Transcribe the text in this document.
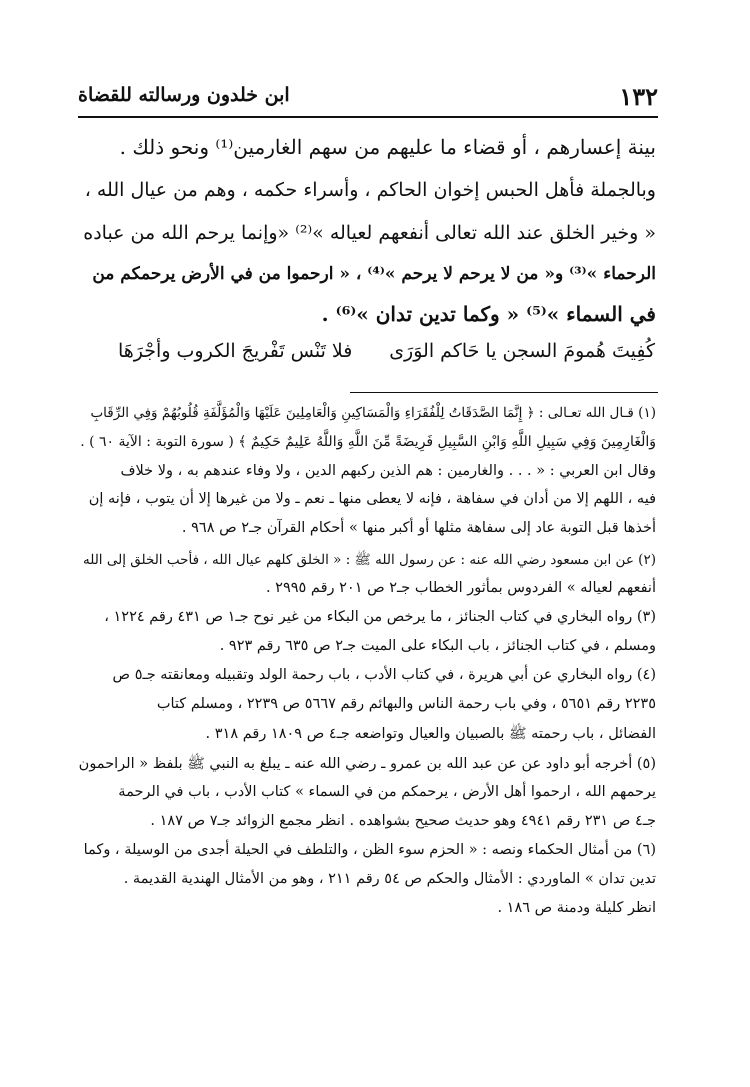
١٣٢
ابن خلدون ورسالته للقضاة
بينة إعسارهم ، أو قضاء ما عليهم من سهم الغارمين⁽¹⁾ ونحو ذلك .
وبالجملة فأهل الحبس إخوان الحاكم ، وأسراء حكمه ، وهم من عيال الله ،
« وخير الخلق عند الله تعالى أنفعهم لعياله »⁽²⁾ «وإنما يرحم الله من عباده
الرحماء »⁽³⁾ و« من لا يرحم لا يرحم »⁽⁴⁾ ، « ارحموا من في الأرض يرحمكم من
في السماء »⁽⁵⁾ « وكما تدين تدان »⁽⁶⁾ .
كُفِيتَ هُمومَ السجن يا حَاكم الوَرَى
فلا تَنْس تَفْريجَ الكروب وأجْرَهَا
(١) قـال الله تعـالى : ﴿ إِنَّمَا الصَّدَقَاتُ لِلْفُقَرَاءِ وَالْمَسَاكِينِ وَالْعَامِلِينَ عَلَيْهَا وَالْمُؤَلَّفَةِ قُلُوبُهُمْ وَفِي الرِّقَابِ
وَالْغَارِمِينَ وَفِي سَبِيلِ اللَّهِ وَابْنِ السَّبِيلِ فَرِيضَةً مِّنَ اللَّهِ وَاللَّهُ عَلِيمٌ حَكِيمٌ ﴾ ( سورة التوبة : الآية ٦٠ ) .
وقال ابن العربي : « . . . والغارمين : هم الذين ركبهم الدين ، ولا وفاء عندهم به ، ولا خلاف
فيه ، اللهم إلا من أدان في سفاهة ، فإنه لا يعطى منها ـ نعم ـ ولا من غيرها إلا أن يتوب ، فإنه إن
أخذها قبل التوبة عاد إلى سفاهة مثلها أو أكبر منها » أحكام القرآن جـ٢ ص ٩٦٨ .
(٢) عن ابن مسعود رضي الله عنه : عن رسول الله ﷺ : « الخلق كلهم عيال الله ، فأحب الخلق إلى الله
أنفعهم لعياله » الفردوس بمأثور الخطاب جـ٢ ص ٢٠١ رقم ٢٩٩٥ .
(٣) رواه البخاري في كتاب الجنائز ، ما يرخص من البكاء من غير نوح جـ١ ص ٤٣١ رقم ١٢٢٤ ،
ومسلم ، في كتاب الجنائز ، باب البكاء على الميت جـ٢ ص ٦٣٥ رقم ٩٢٣ .
(٤) رواه البخاري عن أبي هريرة ، في كتاب الأدب ، باب رحمة الولد وتقبيله ومعانقته جـ٥ ص
٢٢٣٥ رقم ٥٦٥١ ، وفي باب رحمة الناس والبهائم رقم ٥٦٦٧ ص ٢٢٣٩ ، ومسلم كتاب
الفضائل ، باب رحمته ﷺ بالصبيان والعيال وتواضعه جـ٤ ص ١٨٠٩ رقم ٣١٨ .
(٥) أخرجه أبو داود عن عن عبد الله بن عمرو ـ رضي الله عنه ـ يبلغ به النبي ﷺ بلفظ « الراحمون
يرحمهم الله ، ارحموا أهل الأرض ، يرحمكم من في السماء » كتاب الأدب ، باب في الرحمة
جـ٤ ص ٢٣١ رقم ٤٩٤١ وهو حديث صحيح بشواهده . انظر مجمع الزوائد جـ٧ ص ١٨٧ .
(٦) من أمثال الحكماء ونصه : « الحزم سوء الظن ، والتلطف في الحيلة أجدى من الوسيلة ، وكما
تدين تدان » الماوردي : الأمثال والحكم ص ٥٤ رقم ٢١١ ، وهو من الأمثال الهندية القديمة .
انظر كليلة ودمنة ص ١٨٦ .
